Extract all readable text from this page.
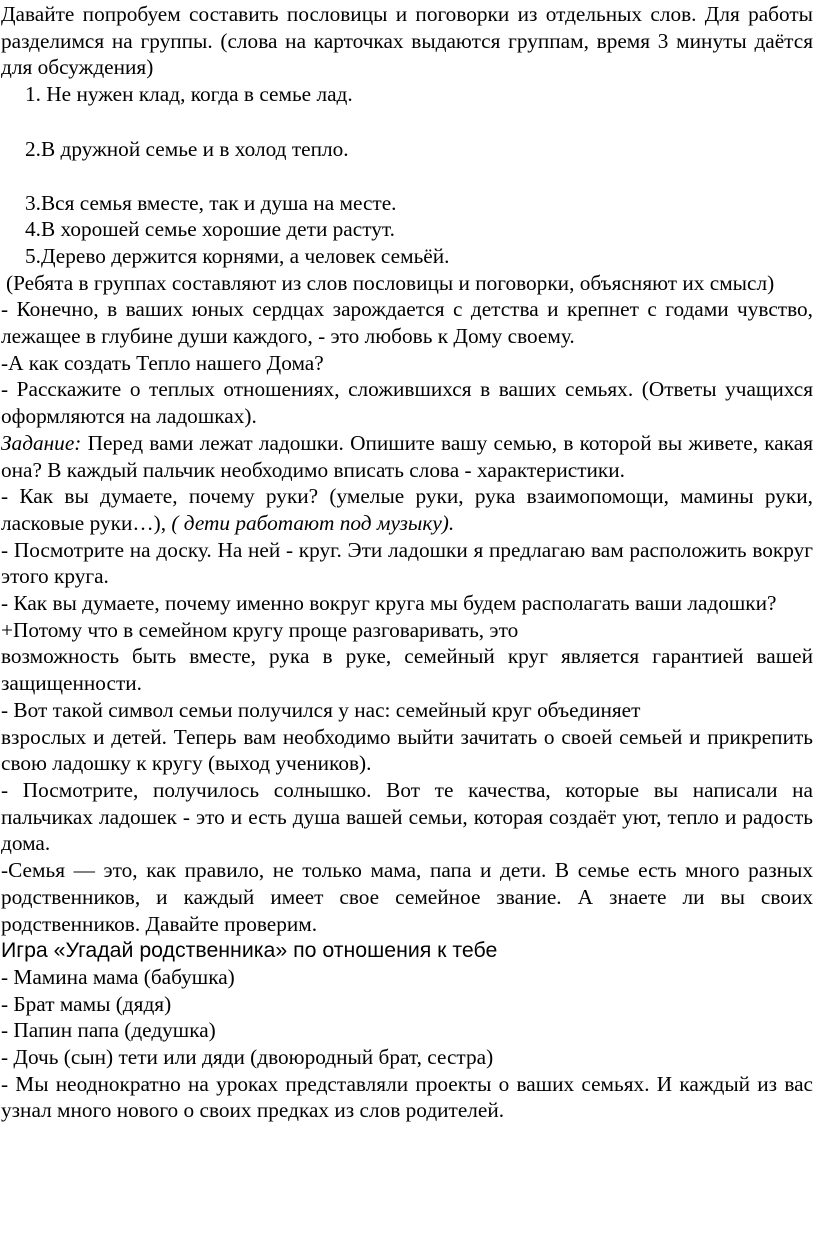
Давайте попробуем составить пословицы и поговорки из отдельных слов. Для работы разделимся на группы. (слова на карточках выдаются группам, время 3 минуты даётся для обсуждения)

1. Не нужен клад, когда в семье лад.

2.В дружной семье и в холод тепло.

3.Вся семья вместе, так и душа на месте.

4.В хорошей семье хорошие дети растут.

5.Дерево держится корнями, а человек семьёй.

(Ребята в группах составляют из слов пословицы и поговорки, объясняют их смысл)

- Конечно, в ваших юных сердцах зарождается с детства и крепнет с годами чувство, лежащее в глубине души каждого, - это любовь к Дому своему.

-А как создать Тепло нашего Дома?

- Расскажите о теплых отношениях, сложившихся в ваших семьях. (Ответы учащихся оформляются на ладошках).

Задание: Перед вами лежат ладошки. Опишите вашу семью, в которой вы живете, какая она? В каждый пальчик необходимо вписать слова - характеристики.

- Как вы думаете, почему руки? (умелые руки, рука взаимопомощи, мамины руки, ласковые руки…), ( дети работают под музыку).

- Посмотрите на доску. На ней - круг. Эти ладошки я предлагаю вам расположить вокруг этого круга.

- Как вы думаете, почему именно вокруг круга мы будем располагать ваши ладошки?

+Потому что в семейном кругу проще разговаривать, это

возможность быть вместе, рука в руке, семейный круг является гарантией вашей защищенности.

- Вот такой символ семьи получился у нас: семейный круг объединяет

взрослых и детей. Теперь вам необходимо выйти зачитать о своей семьей и прикрепить свою ладошку к кругу (выход учеников).

- Посмотрите, получилось солнышко. Вот те качества, которые вы написали на пальчиках ладошек - это и есть душа вашей семьи, которая создаёт уют, тепло и радость дома.

-Семья — это, как правило, не только мама, папа и дети. В семье есть много разных родственников, и каждый имеет свое семейное звание. А знаете ли вы своих родственников. Давайте проверим.

Игра «Угадай родственника» по отношения к тебе

- Мамина мама (бабушка)

- Брат мамы (дядя)

- Папин папа (дедушка)

- Дочь (сын) тети или дяди (двоюродный брат, сестра)

- Мы неоднократно на уроках представляли проекты о ваших семьях. И каждый из вас узнал много нового о своих предках из слов родителей.
